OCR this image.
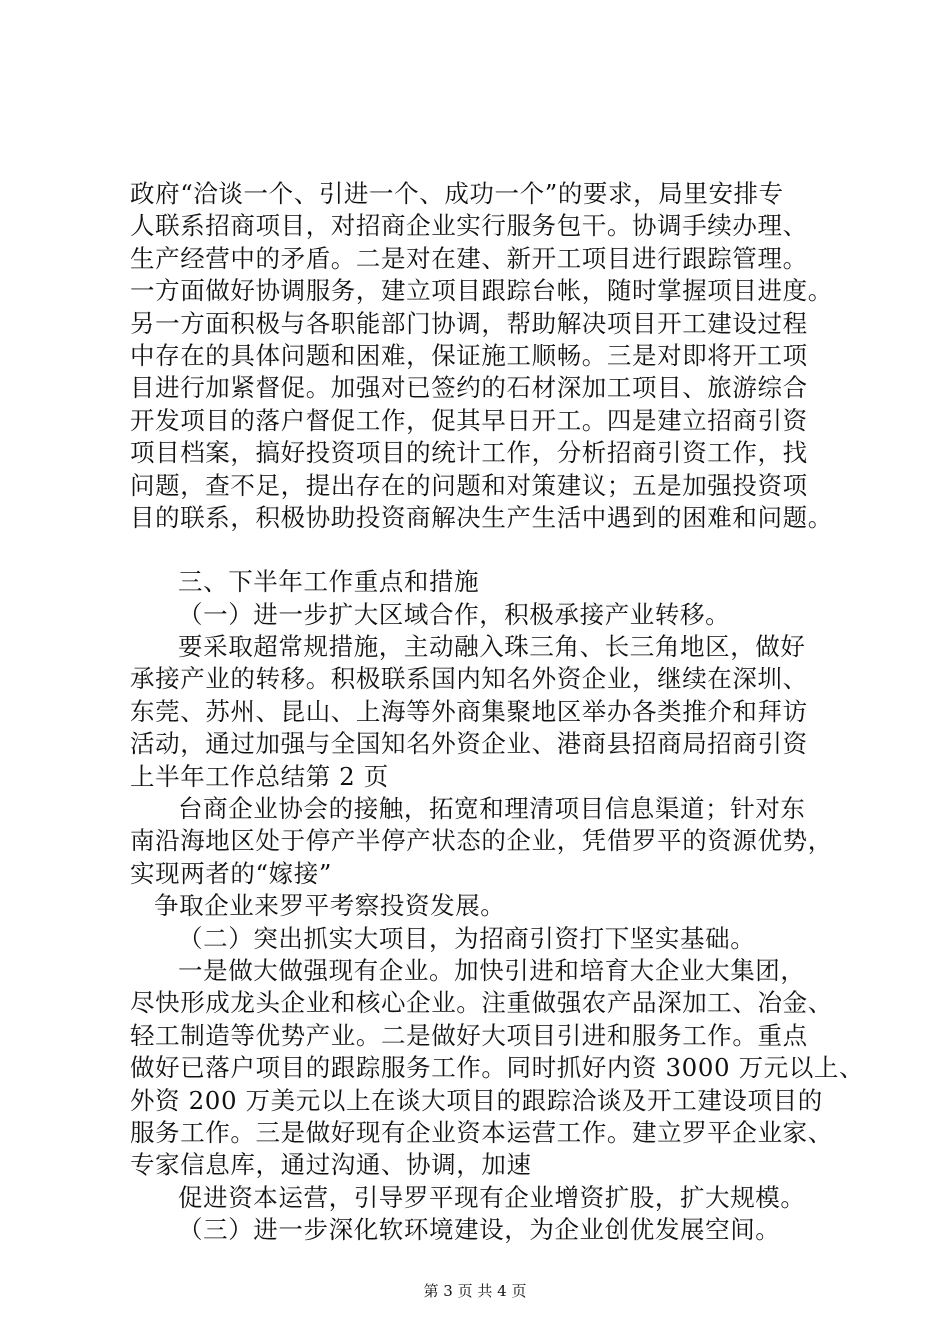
政府“洽谈一个、引进一个、成功一个”的要求，局里安排专
人联系招商项目，对招商企业实行服务包干。协调手续办理、
生产经营中的矛盾。二是对在建、新开工项目进行跟踪管理。
一方面做好协调服务，建立项目跟踪台帐，随时掌握项目进度。
另一方面积极与各职能部门协调，帮助解决项目开工建设过程
中存在的具体问题和困难，保证施工顺畅。三是对即将开工项
目进行加紧督促。加强对已签约的石材深加工项目、旅游综合
开发项目的落户督促工作，促其早日开工。四是建立招商引资
项目档案，搞好投资项目的统计工作，分析招商引资工作，找
问题，查不足，提出存在的问题和对策建议；五是加强投资项
目的联系，积极协助投资商解决生产生活中遇到的困难和问题。
三、下半年工作重点和措施
（一）进一步扩大区域合作，积极承接产业转移。
要采取超常规措施，主动融入珠三角、长三角地区，做好
承接产业的转移。积极联系国内知名外资企业，继续在深圳、
东莞、苏州、昆山、上海等外商集聚地区举办各类推介和拜访
活动，通过加强与全国知名外资企业、港商县招商局招商引资
上半年工作总结第 2 页
台商企业协会的接触，拓宽和理清项目信息渠道；针对东
南沿海地区处于停产半停产状态的企业，凭借罗平的资源优势，
实现两者的“嫁接”
争取企业来罗平考察投资发展。
（二）突出抓实大项目，为招商引资打下坚实基础。
一是做大做强现有企业。加快引进和培育大企业大集团，
尽快形成龙头企业和核心企业。注重做强农产品深加工、冶金、
轻工制造等优势产业。二是做好大项目引进和服务工作。重点
做好已落户项目的跟踪服务工作。同时抓好内资 3000 万元以上、
外资 200 万美元以上在谈大项目的跟踪洽谈及开工建设项目的
服务工作。三是做好现有企业资本运营工作。建立罗平企业家、
专家信息库，通过沟通、协调，加速
促进资本运营，引导罗平现有企业增资扩股，扩大规模。
（三）进一步深化软环境建设，为企业创优发展空间。
第 3 页 共 4 页
